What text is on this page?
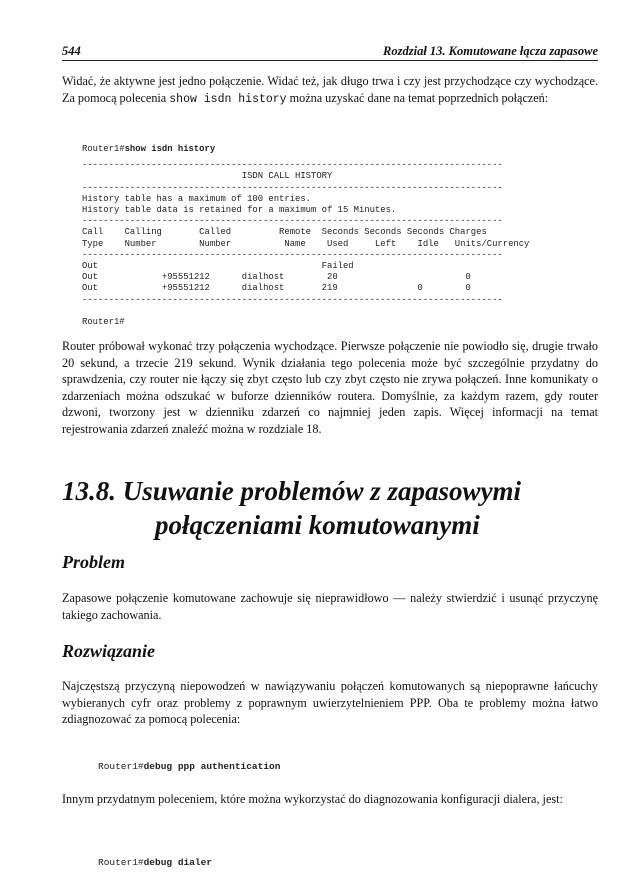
544	Rozdział 13. Komutowane łącza zapasowe
Widać, że aktywne jest jedno połączenie. Widać też, jak długo trwa i czy jest przychodzące czy wychodzące. Za pomocą polecenia show isdn history można uzyskać dane na temat poprzednich połączeń:
Router1#show isdn history
-------------------------------------------------------------------------------
ISDN CALL HISTORY
-------------------------------------------------------------------------------
History table has a maximum of 100 entries.
History table data is retained for a maximum of 15 Minutes.
-------------------------------------------------------------------------------
Call    Calling       Called         Remote  Seconds Seconds Seconds Charges
Type    Number        Number          Name    Used     Left    Idle   Units/Currency
-------------------------------------------------------------------------------
Out                                          Failed
Out            +95551212      dialhost        20                        0
Out            +95551212      dialhost       219               0        0
-------------------------------------------------------------------------------

Router1#
Router próbował wykonać trzy połączenia wychodzące. Pierwsze połączenie nie powiodło się, drugie trwało 20 sekund, a trzecie 219 sekund. Wynik działania tego polecenia może być szczególnie przydatny do sprawdzenia, czy router nie łączy się zbyt często lub czy zbyt często nie zrywa połączeń. Inne komunikaty o zdarzeniach można odszukać w buforze dzienników routera. Domyślnie, za każdym razem, gdy router dzwoni, tworzony jest w dzienniku zdarzeń co najmniej jeden zapis. Więcej informacji na temat rejestrowania zdarzeń znaleźć można w rozdziale 18.
13.8. Usuwanie problemów z zapasowymi
połączeniami komutowanymi
Problem
Zapasowe połączenie komutowane zachowuje się nieprawidłowo — należy stwierdzić i usunąć przyczynę takiego zachowania.
Rozwiązanie
Najczęstszą przyczyną niepowodzeń w nawiązywaniu połączeń komutowanych są niepoprawne łańcuchy wybieranych cyfr oraz problemy z poprawnym uwierzytelnieniem PPP. Oba te problemy można łatwo zdiagnozować za pomocą polecenia:
Router1#debug ppp authentication
Innym przydatnym poleceniem, które można wykorzystać do diagnozowania konfiguracji dialera, jest:
Router1#debug dialer
